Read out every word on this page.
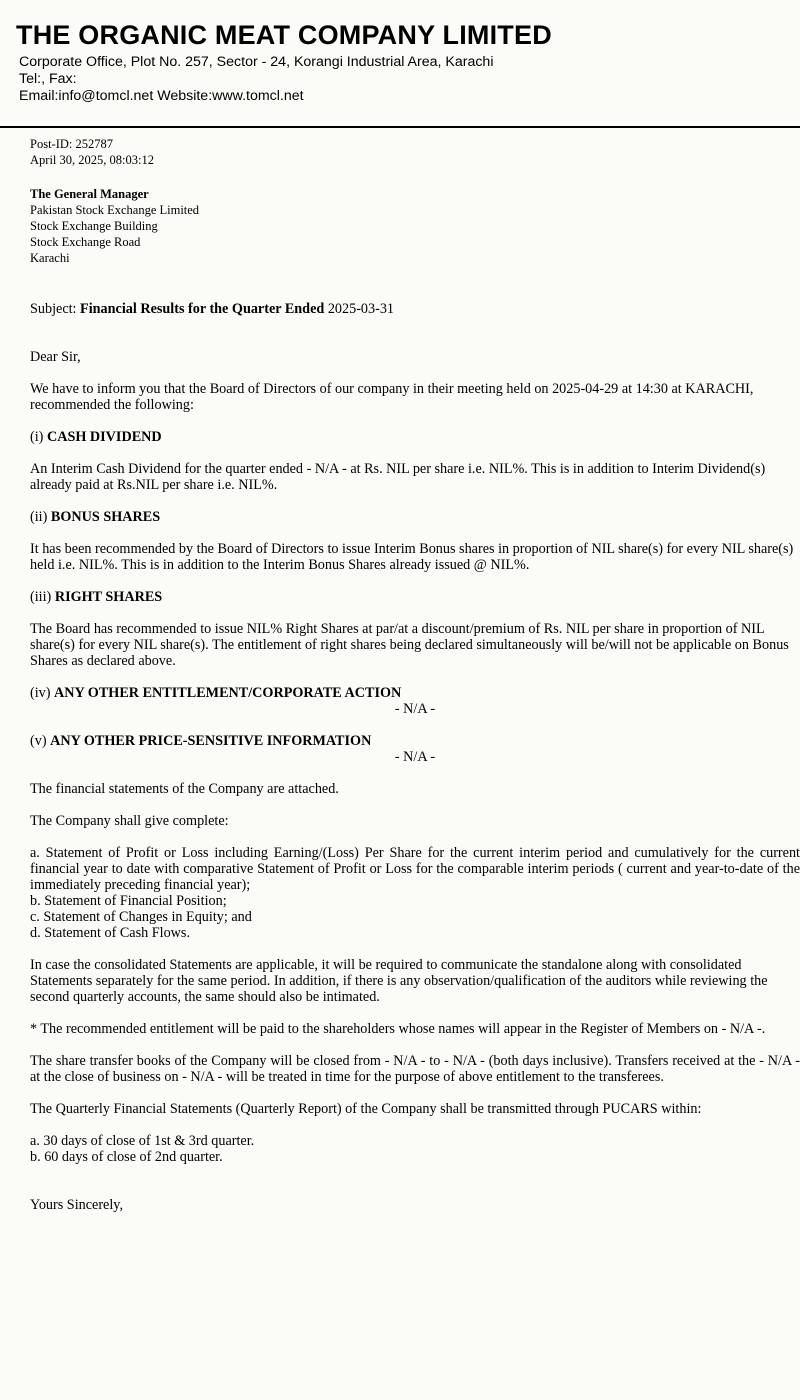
THE ORGANIC MEAT COMPANY LIMITED
Corporate Office, Plot No. 257, Sector - 24, Korangi Industrial Area, Karachi
Tel:, Fax:
Email:info@tomcl.net Website:www.tomcl.net
Post-ID: 252787
April 30, 2025, 08:03:12
The General Manager
Pakistan Stock Exchange Limited
Stock Exchange Building
Stock Exchange Road
Karachi
Subject: Financial Results for the Quarter Ended 2025-03-31
Dear Sir,
We have to inform you that the Board of Directors of our company in their meeting held on 2025-04-29 at 14:30 at KARACHI, recommended the following:
(i) CASH DIVIDEND
An Interim Cash Dividend for the quarter ended - N/A - at Rs. NIL per share i.e. NIL%. This is in addition to Interim Dividend(s) already paid at Rs.NIL per share i.e. NIL%.
(ii) BONUS SHARES
It has been recommended by the Board of Directors to issue Interim Bonus shares in proportion of NIL share(s) for every NIL share(s) held i.e. NIL%. This is in addition to the Interim Bonus Shares already issued @ NIL%.
(iii) RIGHT SHARES
The Board has recommended to issue NIL% Right Shares at par/at a discount/premium of Rs. NIL per share in proportion of NIL share(s) for every NIL share(s). The entitlement of right shares being declared simultaneously will be/will not be applicable on Bonus Shares as declared above.
(iv) ANY OTHER ENTITLEMENT/CORPORATE ACTION
- N/A -
(v) ANY OTHER PRICE-SENSITIVE INFORMATION
- N/A -
The financial statements of the Company are attached.
The Company shall give complete:
a. Statement of Profit or Loss including Earning/(Loss) Per Share for the current interim period and cumulatively for the current financial year to date with comparative Statement of Profit or Loss for the comparable interim periods ( current and year-to-date of the immediately preceding financial year);
b. Statement of Financial Position;
c. Statement of Changes in Equity; and
d. Statement of Cash Flows.
In case the consolidated Statements are applicable, it will be required to communicate the standalone along with consolidated Statements separately for the same period. In addition, if there is any observation/qualification of the auditors while reviewing the second quarterly accounts, the same should also be intimated.
* The recommended entitlement will be paid to the shareholders whose names will appear in the Register of Members on - N/A -.
The share transfer books of the Company will be closed from - N/A - to - N/A - (both days inclusive). Transfers received at the - N/A - at the close of business on - N/A - will be treated in time for the purpose of above entitlement to the transferees.
The Quarterly Financial Statements (Quarterly Report) of the Company shall be transmitted through PUCARS within:
a. 30 days of close of 1st & 3rd quarter.
b. 60 days of close of 2nd quarter.
Yours Sincerely,
